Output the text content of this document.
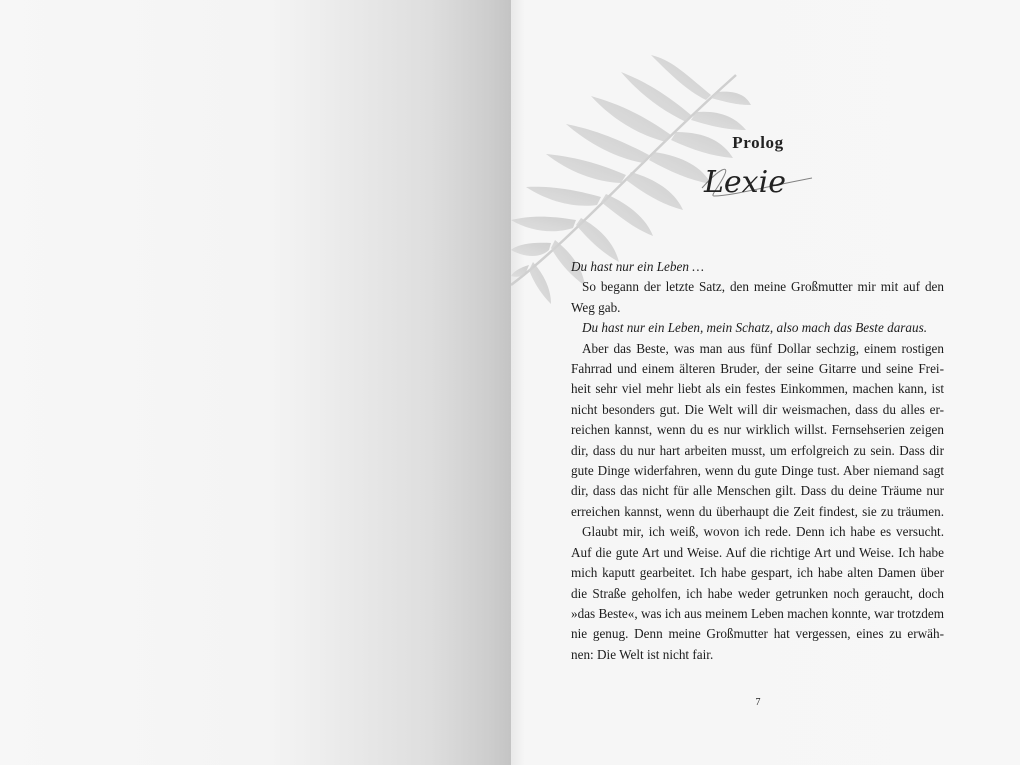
Prolog
Lexie
Du hast nur ein Leben …
So begann der letzte Satz, den meine Großmutter mir mit auf den
Weg gab.
Du hast nur ein Leben, mein Schatz, also mach das Beste daraus.
Aber das Beste, was man aus fünf Dollar sechzig, einem rostigen
Fahrrad und einem älteren Bruder, der seine Gitarre und seine Frei-
heit sehr viel mehr liebt als ein festes Einkommen, machen kann, ist
nicht besonders gut. Die Welt will dir weismachen, dass du alles er-
reichen kannst, wenn du es nur wirklich willst. Fernsehserien zeigen
dir, dass du nur hart arbeiten musst, um erfolgreich zu sein. Dass dir
gute Dinge widerfahren, wenn du gute Dinge tust. Aber niemand sagt
dir, dass das nicht für alle Menschen gilt. Dass du deine Träume nur
erreichen kannst, wenn du überhaupt die Zeit findest, sie zu träumen.
Glaubt mir, ich weiß, wovon ich rede. Denn ich habe es versucht.
Auf die gute Art und Weise. Auf die richtige Art und Weise. Ich habe
mich kaputt gearbeitet. Ich habe gespart, ich habe alten Damen über
die Straße geholfen, ich habe weder getrunken noch geraucht, doch
»das Beste«, was ich aus meinem Leben machen konnte, war trotzdem
nie genug. Denn meine Großmutter hat vergessen, eines zu erwäh-
nen: Die Welt ist nicht fair.
7
